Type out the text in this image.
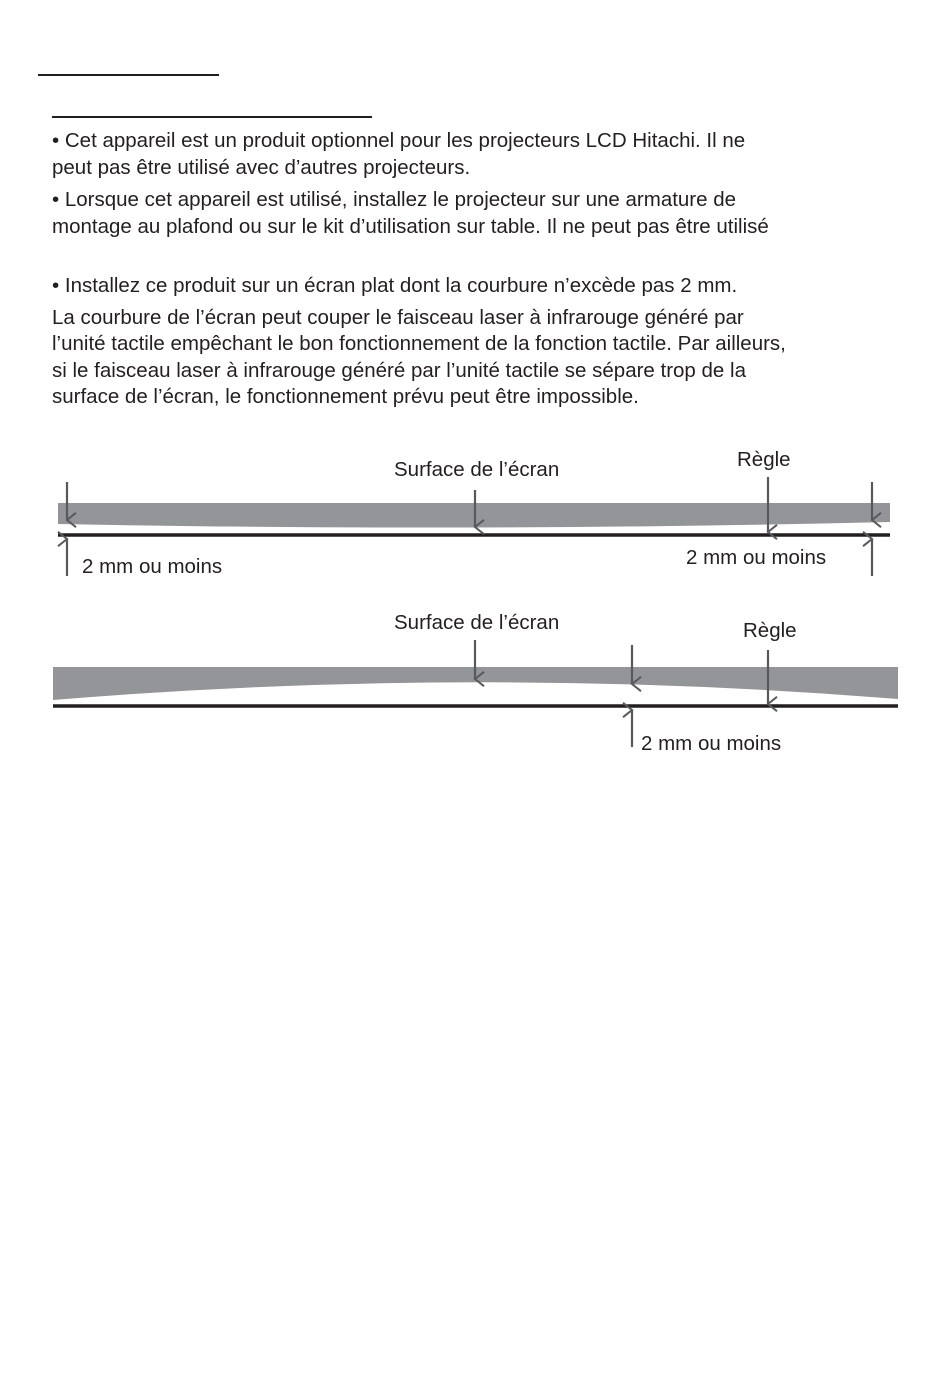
• Cet appareil est un produit optionnel pour les projecteurs LCD Hitachi. Il ne
peut pas être utilisé avec d’autres projecteurs.
• Lorsque cet appareil est utilisé, installez le projecteur sur une armature de
montage au plafond ou sur le kit d’utilisation sur table. Il ne peut pas être utilisé
• Installez ce produit sur un écran plat dont la courbure n’excède pas 2 mm.
La courbure de l’écran peut couper le faisceau laser à infrarouge généré par
l’unité tactile empêchant le bon fonctionnement de la fonction tactile. Par ailleurs,
si le faisceau laser à infrarouge généré par l’unité tactile se sépare trop de la
surface de l’écran, le fonctionnement prévu peut être impossible.
Surface de l’écran	Règle
2 mm ou moins	2 mm ou moins
Surface de l’écran	Règle
2 mm ou moins
